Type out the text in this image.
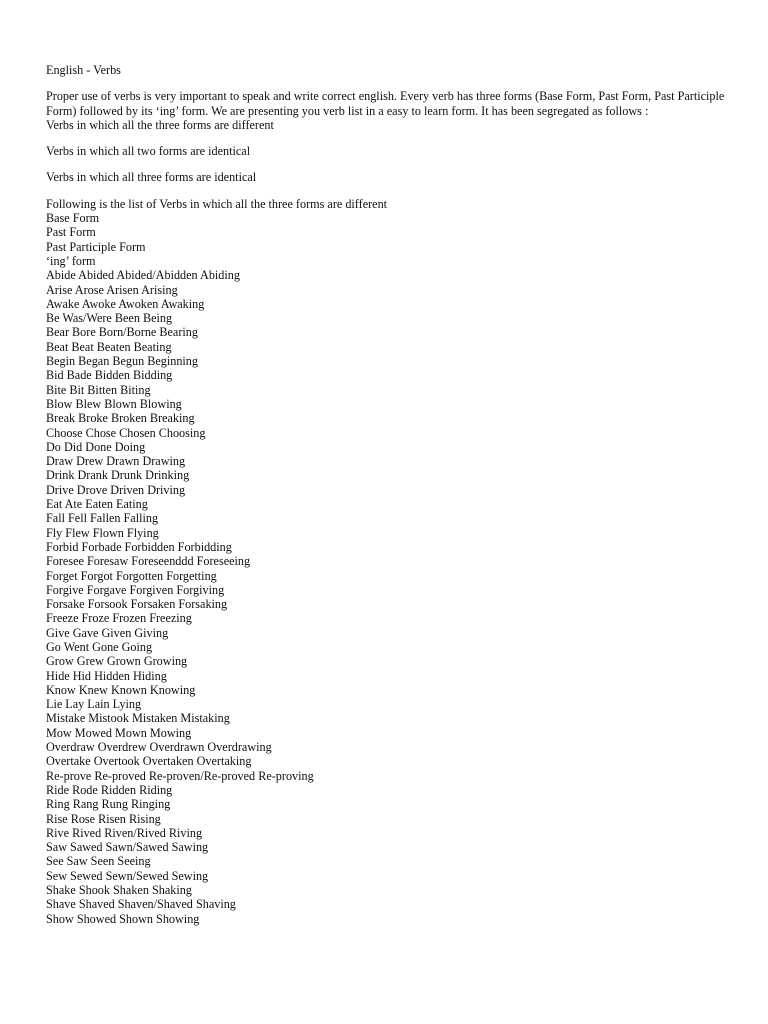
English - Verbs
Proper use of verbs is very important to speak and write correct english. Every verb has three forms (Base Form, Past Form, Past Participle
Form) followed by its ‘ing’ form. We are presenting you verb list in a easy to learn form. It has been segregated as follows :
Verbs in which all the three forms are different
Verbs in which all two forms are identical
Verbs in which all three forms are identical
Following is the list of Verbs in which all the three forms are different
Base Form
Past Form
Past Participle Form
‘ing’ form
Abide Abided Abided/Abidden Abiding
Arise Arose Arisen Arising
Awake Awoke Awoken Awaking
Be Was/Were Been Being
Bear Bore Born/Borne Bearing
Beat Beat Beaten Beating
Begin Began Begun Beginning
Bid Bade Bidden Bidding
Bite Bit Bitten Biting
Blow Blew Blown Blowing
Break Broke Broken Breaking
Choose Chose Chosen Choosing
Do Did Done Doing
Draw Drew Drawn Drawing
Drink Drank Drunk Drinking
Drive Drove Driven Driving
Eat Ate Eaten Eating
Fall Fell Fallen Falling
Fly Flew Flown Flying
Forbid Forbade Forbidden Forbidding
Foresee Foresaw Foreseenddd Foreseeing
Forget Forgot Forgotten Forgetting
Forgive Forgave Forgiven Forgiving
Forsake Forsook Forsaken Forsaking
Freeze Froze Frozen Freezing
Give Gave Given Giving
Go Went Gone Going
Grow Grew Grown Growing
Hide Hid Hidden Hiding
Know Knew Known Knowing
Lie Lay Lain Lying
Mistake Mistook Mistaken Mistaking
Mow Mowed Mown Mowing
Overdraw Overdrew Overdrawn Overdrawing
Overtake Overtook Overtaken Overtaking
Re-prove Re-proved Re-proven/Re-proved Re-proving
Ride Rode Ridden Riding
Ring Rang Rung Ringing
Rise Rose Risen Rising
Rive Rived Riven/Rived Riving
Saw Sawed Sawn/Sawed Sawing
See Saw Seen Seeing
Sew Sewed Sewn/Sewed Sewing
Shake Shook Shaken Shaking
Shave Shaved Shaven/Shaved Shaving
Show Showed Shown Showing
